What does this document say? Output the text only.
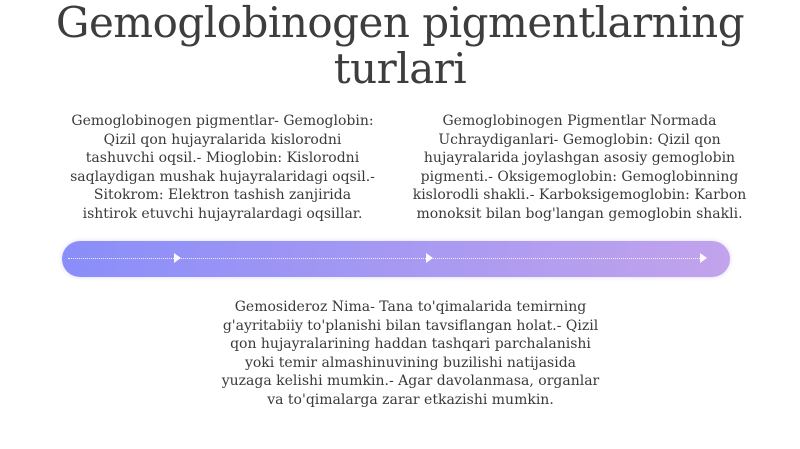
Gemoglobinogen pigmentlarning turlari

Gemoglobinogen pigmentlar- Gemoglobin: Qizil qon hujayralarida kislorodni tashuvchi oqsil.- Mioglobin: Kislorodni saqlaydigan mushak hujayralaridagi oqsil.- Sitokrom: Elektron tashish zanjirida ishtirok etuvchi hujayralardagi oqsillar.

Gemoglobinogen Pigmentlar Normada Uchraydiganlari- Gemoglobin: Qizil qon hujayralarida joylashgan asosiy gemoglobin pigmenti.- Oksigemoglobin: Gemoglobinning kislorodli shakli.- Karboksigemoglobin: Karbon monoksit bilan bog'langan gemoglobin shakli.

Gemosideroz Nima- Tana to'qimalarida temirning g'ayritabiiy to'planishi bilan tavsiflangan holat.- Qizil qon hujayralarining haddan tashqari parchalanishi yoki temir almashinuvining buzilishi natijasida yuzaga kelishi mumkin.- Agar davolanmasa, organlar va to'qimalarga zarar etkazishi mumkin.
